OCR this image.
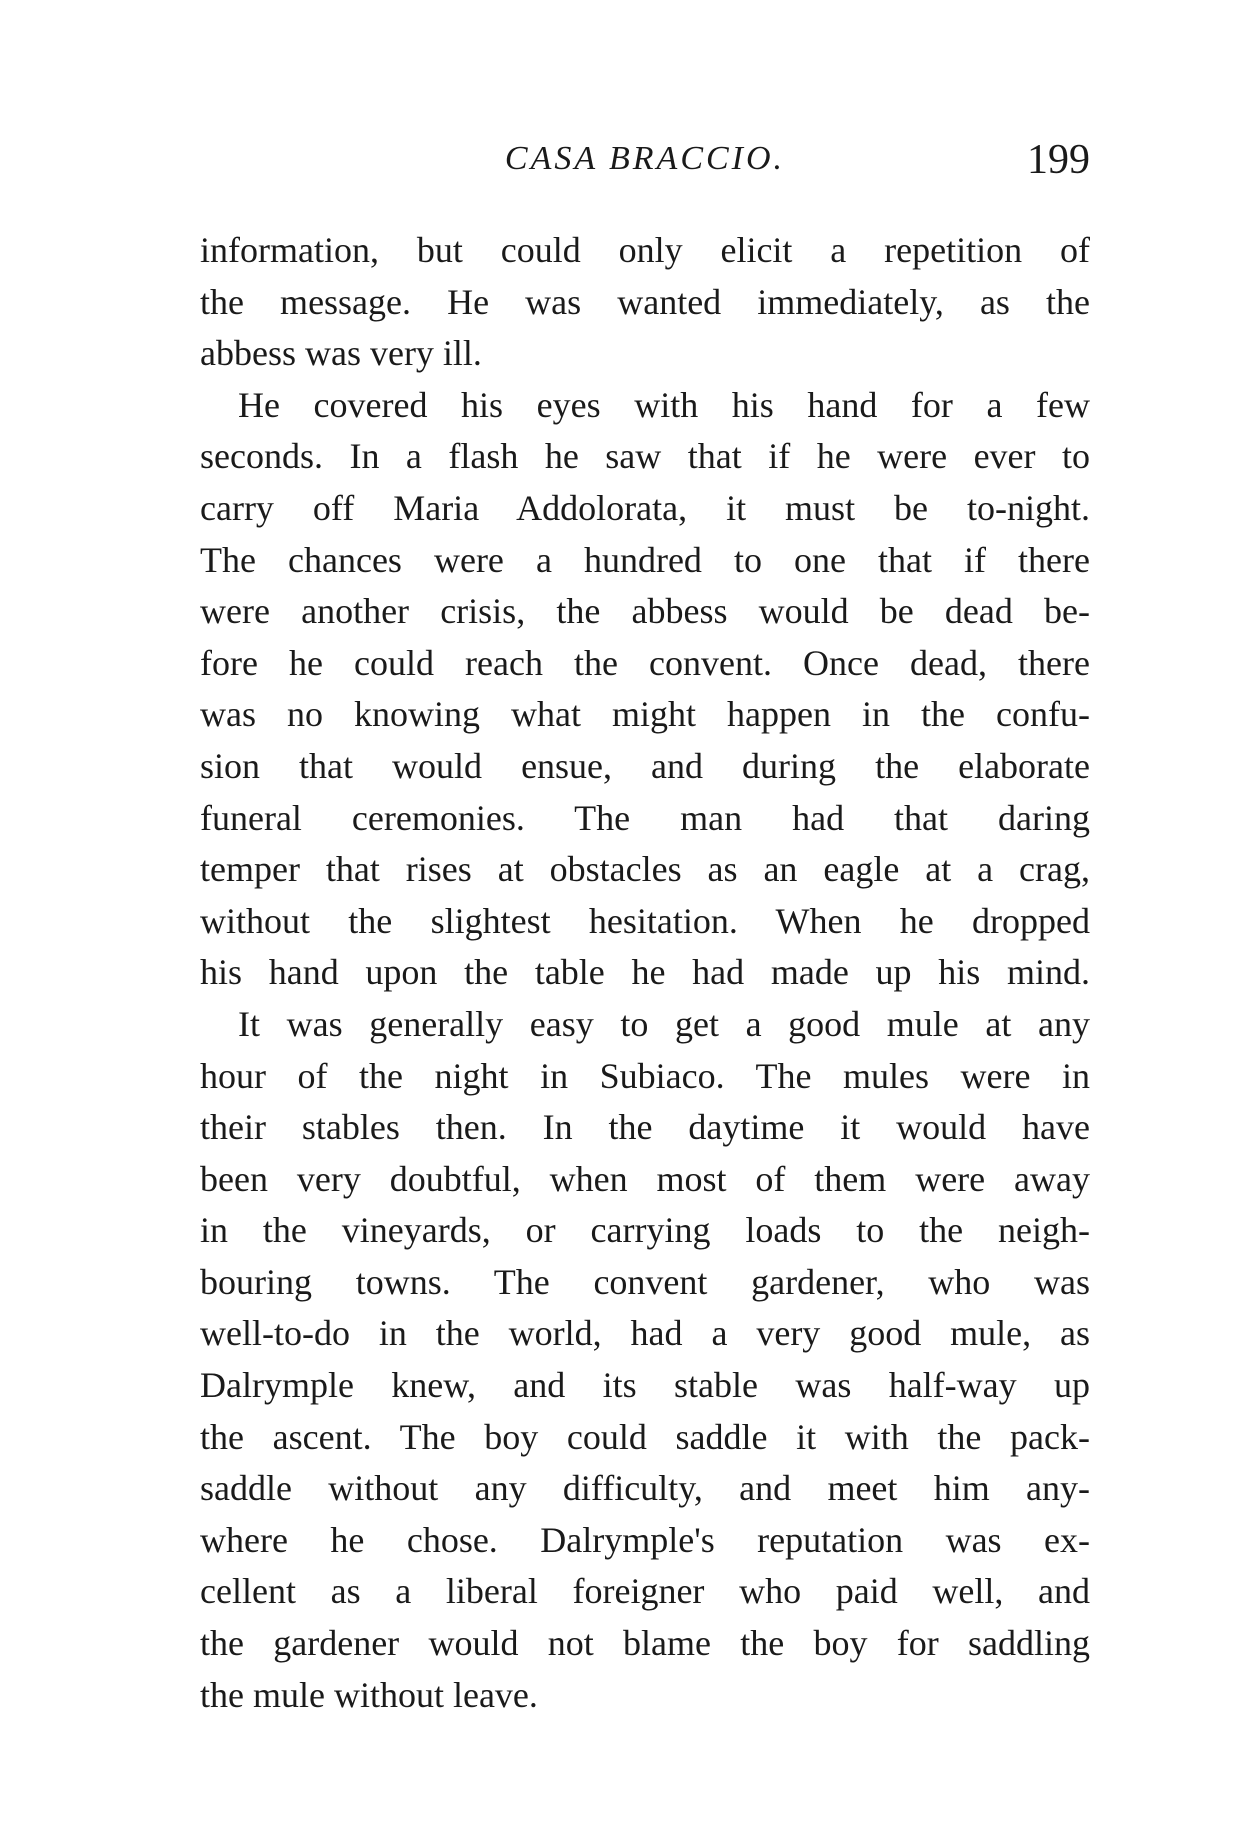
CASA BRACCIO.	199
information, but could only elicit a repetition of
the message. He was wanted immediately, as the
abbess was very ill.
He covered his eyes with his hand for a few
seconds. In a flash he saw that if he were ever to
carry off Maria Addolorata, it must be to-night.
The chances were a hundred to one that if there
were another crisis, the abbess would be dead be-
fore he could reach the convent. Once dead, there
was no knowing what might happen in the confu-
sion that would ensue, and during the elaborate
funeral ceremonies. The man had that daring
temper that rises at obstacles as an eagle at a crag,
without the slightest hesitation. When he dropped
his hand upon the table he had made up his mind.
It was generally easy to get a good mule at any
hour of the night in Subiaco. The mules were in
their stables then. In the daytime it would have
been very doubtful, when most of them were away
in the vineyards, or carrying loads to the neigh-
bouring towns. The convent gardener, who was
well-to-do in the world, had a very good mule, as
Dalrymple knew, and its stable was half-way up
the ascent. The boy could saddle it with the pack-
saddle without any difficulty, and meet him any-
where he chose. Dalrymple's reputation was ex-
cellent as a liberal foreigner who paid well, and
the gardener would not blame the boy for saddling
the mule without leave.
